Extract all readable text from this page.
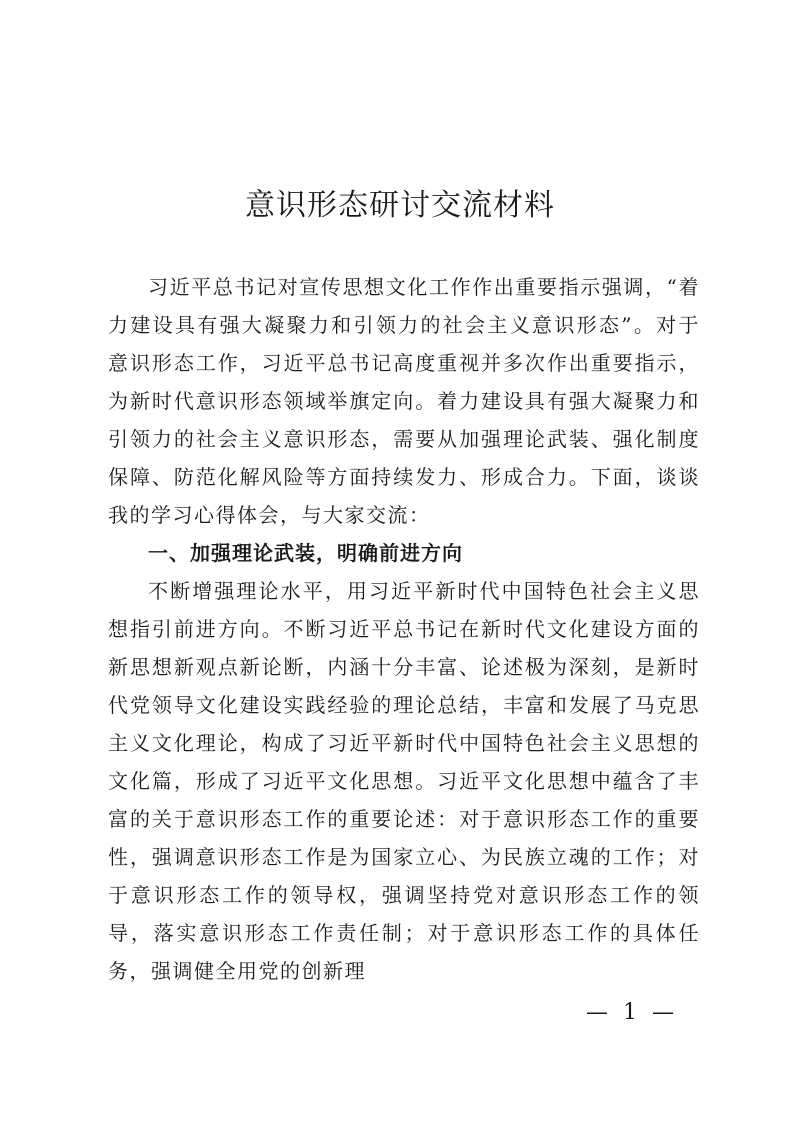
意识形态研讨交流材料

习近平总书记对宣传思想文化工作作出重要指示强调，“着力建设具有强大凝聚力和引领力的社会主义意识形态”。对于意识形态工作，习近平总书记高度重视并多次作出重要指示，为新时代意识形态领域举旗定向。着力建设具有强大凝聚力和引领力的社会主义意识形态，需要从加强理论武装、强化制度保障、防范化解风险等方面持续发力、形成合力。下面，谈谈我的学习心得体会，与大家交流：

一、加强理论武装，明确前进方向

不断增强理论水平，用习近平新时代中国特色社会主义思想指引前进方向。不断习近平总书记在新时代文化建设方面的新思想新观点新论断，内涵十分丰富、论述极为深刻，是新时代党领导文化建设实践经验的理论总结，丰富和发展了马克思主义文化理论，构成了习近平新时代中国特色社会主义思想的文化篇，形成了习近平文化思想。习近平文化思想中蕴含了丰富的关于意识形态工作的重要论述：对于意识形态工作的重要性，强调意识形态工作是为国家立心、为民族立魂的工作；对于意识形态工作的领导权，强调坚持党对意识形态工作的领导，落实意识形态工作责任制；对于意识形态工作的具体任务，强调健全用党的创新理

— 1 —
